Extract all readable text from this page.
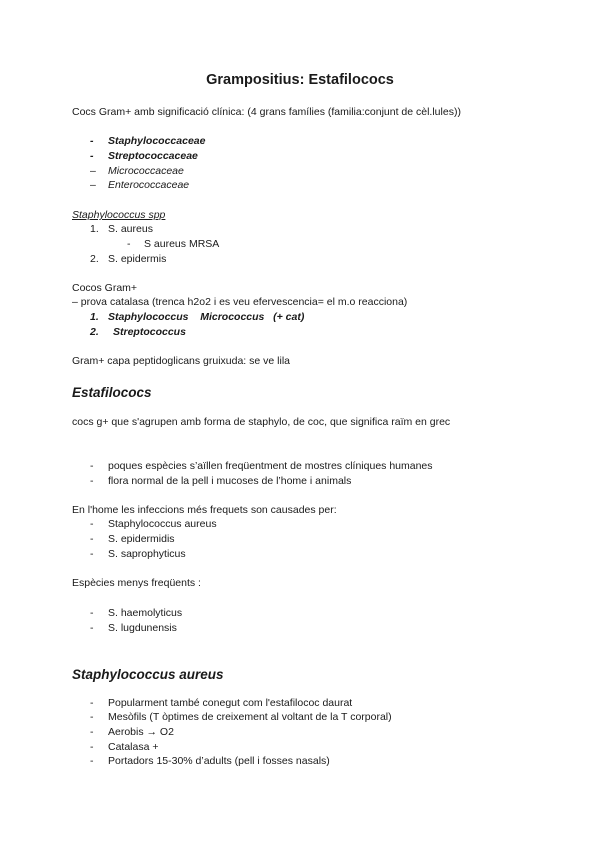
Grampositius: Estafilococs
Cocs Gram+ amb significació clínica: (4 grans famílies (familia:conjunt de cèl.lules))
- Staphylococcaceae
- Streptococcaceae
– Micrococcaceae
– Enterococcaceae
Staphylococcus spp
1. S. aureus
- S aureus MRSA
2. S. epidermis
Cocos Gram+
– prova catalasa (trenca h2o2 i es veu efervescencia= el m.o reacciona)
1. Staphylococcus    Micrococcus   (+ cat)
2. Streptococcus
Gram+ capa peptidoglicans gruixuda: se ve lila
Estafilococs
cocs g+ que s'agrupen amb forma de staphylo, de coc, que significa raïm en grec
- poques espècies s’aïllen freqüentment de mostres clíniques humanes
- flora normal de la pell i mucoses de l’home i animals
En l'home les infeccions més frequets son causades per:
- Staphylococcus aureus
- S. epidermidis
- S. saprophyticus
Espècies menys freqüents :
- S. haemolyticus
- S. lugdunensis
Staphylococcus aureus
- Popularment també conegut com l'estafilococ daurat
- Mesòfils (T òptimes de creixement al voltant de la T corporal)
- Aerobis → O2
- Catalasa +
- Portadors 15-30% d’adults (pell i fosses nasals)
